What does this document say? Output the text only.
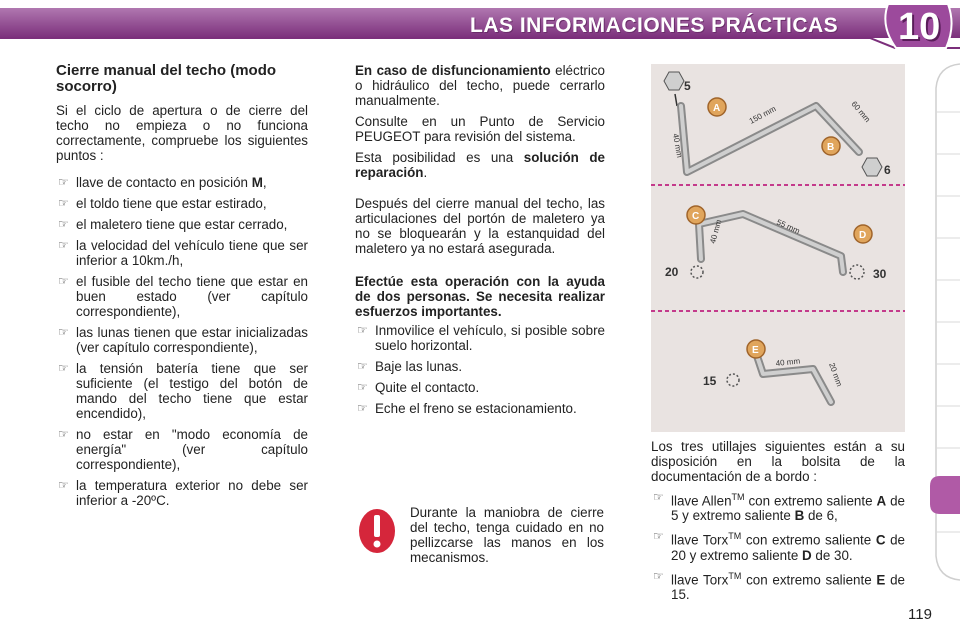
LAS INFORMACIONES PRÁCTICAS 10
Cierre manual del techo (modo socorro)

Si el ciclo de apertura o de cierre del techo no empieza o no funciona correctamente, compruebe los siguientes puntos :

☞ llave de contacto en posición M,
☞ el toldo tiene que estar estirado,
☞ el maletero tiene que estar cerrado,
☞ la velocidad del vehículo tiene que ser inferior a 10km./h,
☞ el fusible del techo tiene que estar en buen estado (ver capítulo correspondiente),
☞ las lunas tienen que estar inicializadas (ver capítulo correspondiente),
☞ la tensión batería tiene que ser suficiente (el testigo del botón de mando del techo tiene que estar encendido),
☞ no estar en "modo economía de energía" (ver capítulo correspondiente),
☞ la temperatura exterior no debe ser inferior a -20ºC.

En caso de disfuncionamiento eléctrico o hidráulico del techo, puede cerrarlo manualmente.

Consulte en un Punto de Servicio PEUGEOT para revisión del sistema.

Esta posibilidad es una solución de reparación.

Después del cierre manual del techo, las articulaciones del portón de maletero ya no se bloquearán y la estanquidad del maletero ya no estará asegurada.

Efectúe esta operación con la ayuda de dos personas. Se necesita realizar esfuerzos importantes.
☞ Inmovilice el vehículo, si posible sobre suelo horizontal.
☞ Baje las lunas.
☞ Quite el contacto.
☞ Eche el freno se estacionamiento.

Durante la maniobra de cierre del techo, tenga cuidado en no pellizcarse las manos en los mecanismos.

5
A
B
150 mm	60 mm
40 mm
6
C
D
20	30
55 mm
40 mm
E
15
40 mm	20 mm

Los tres utillajes siguientes están a su disposición en la bolsita de la documentación de a bordo :

☞ llave Allen™ con extremo saliente A de 5 y extremo saliente B de 6,
☞ llave Torx™ con extremo saliente C de 20 y extremo saliente D de 30.
☞ llave Torx™ con extremo saliente E de 15.
119
